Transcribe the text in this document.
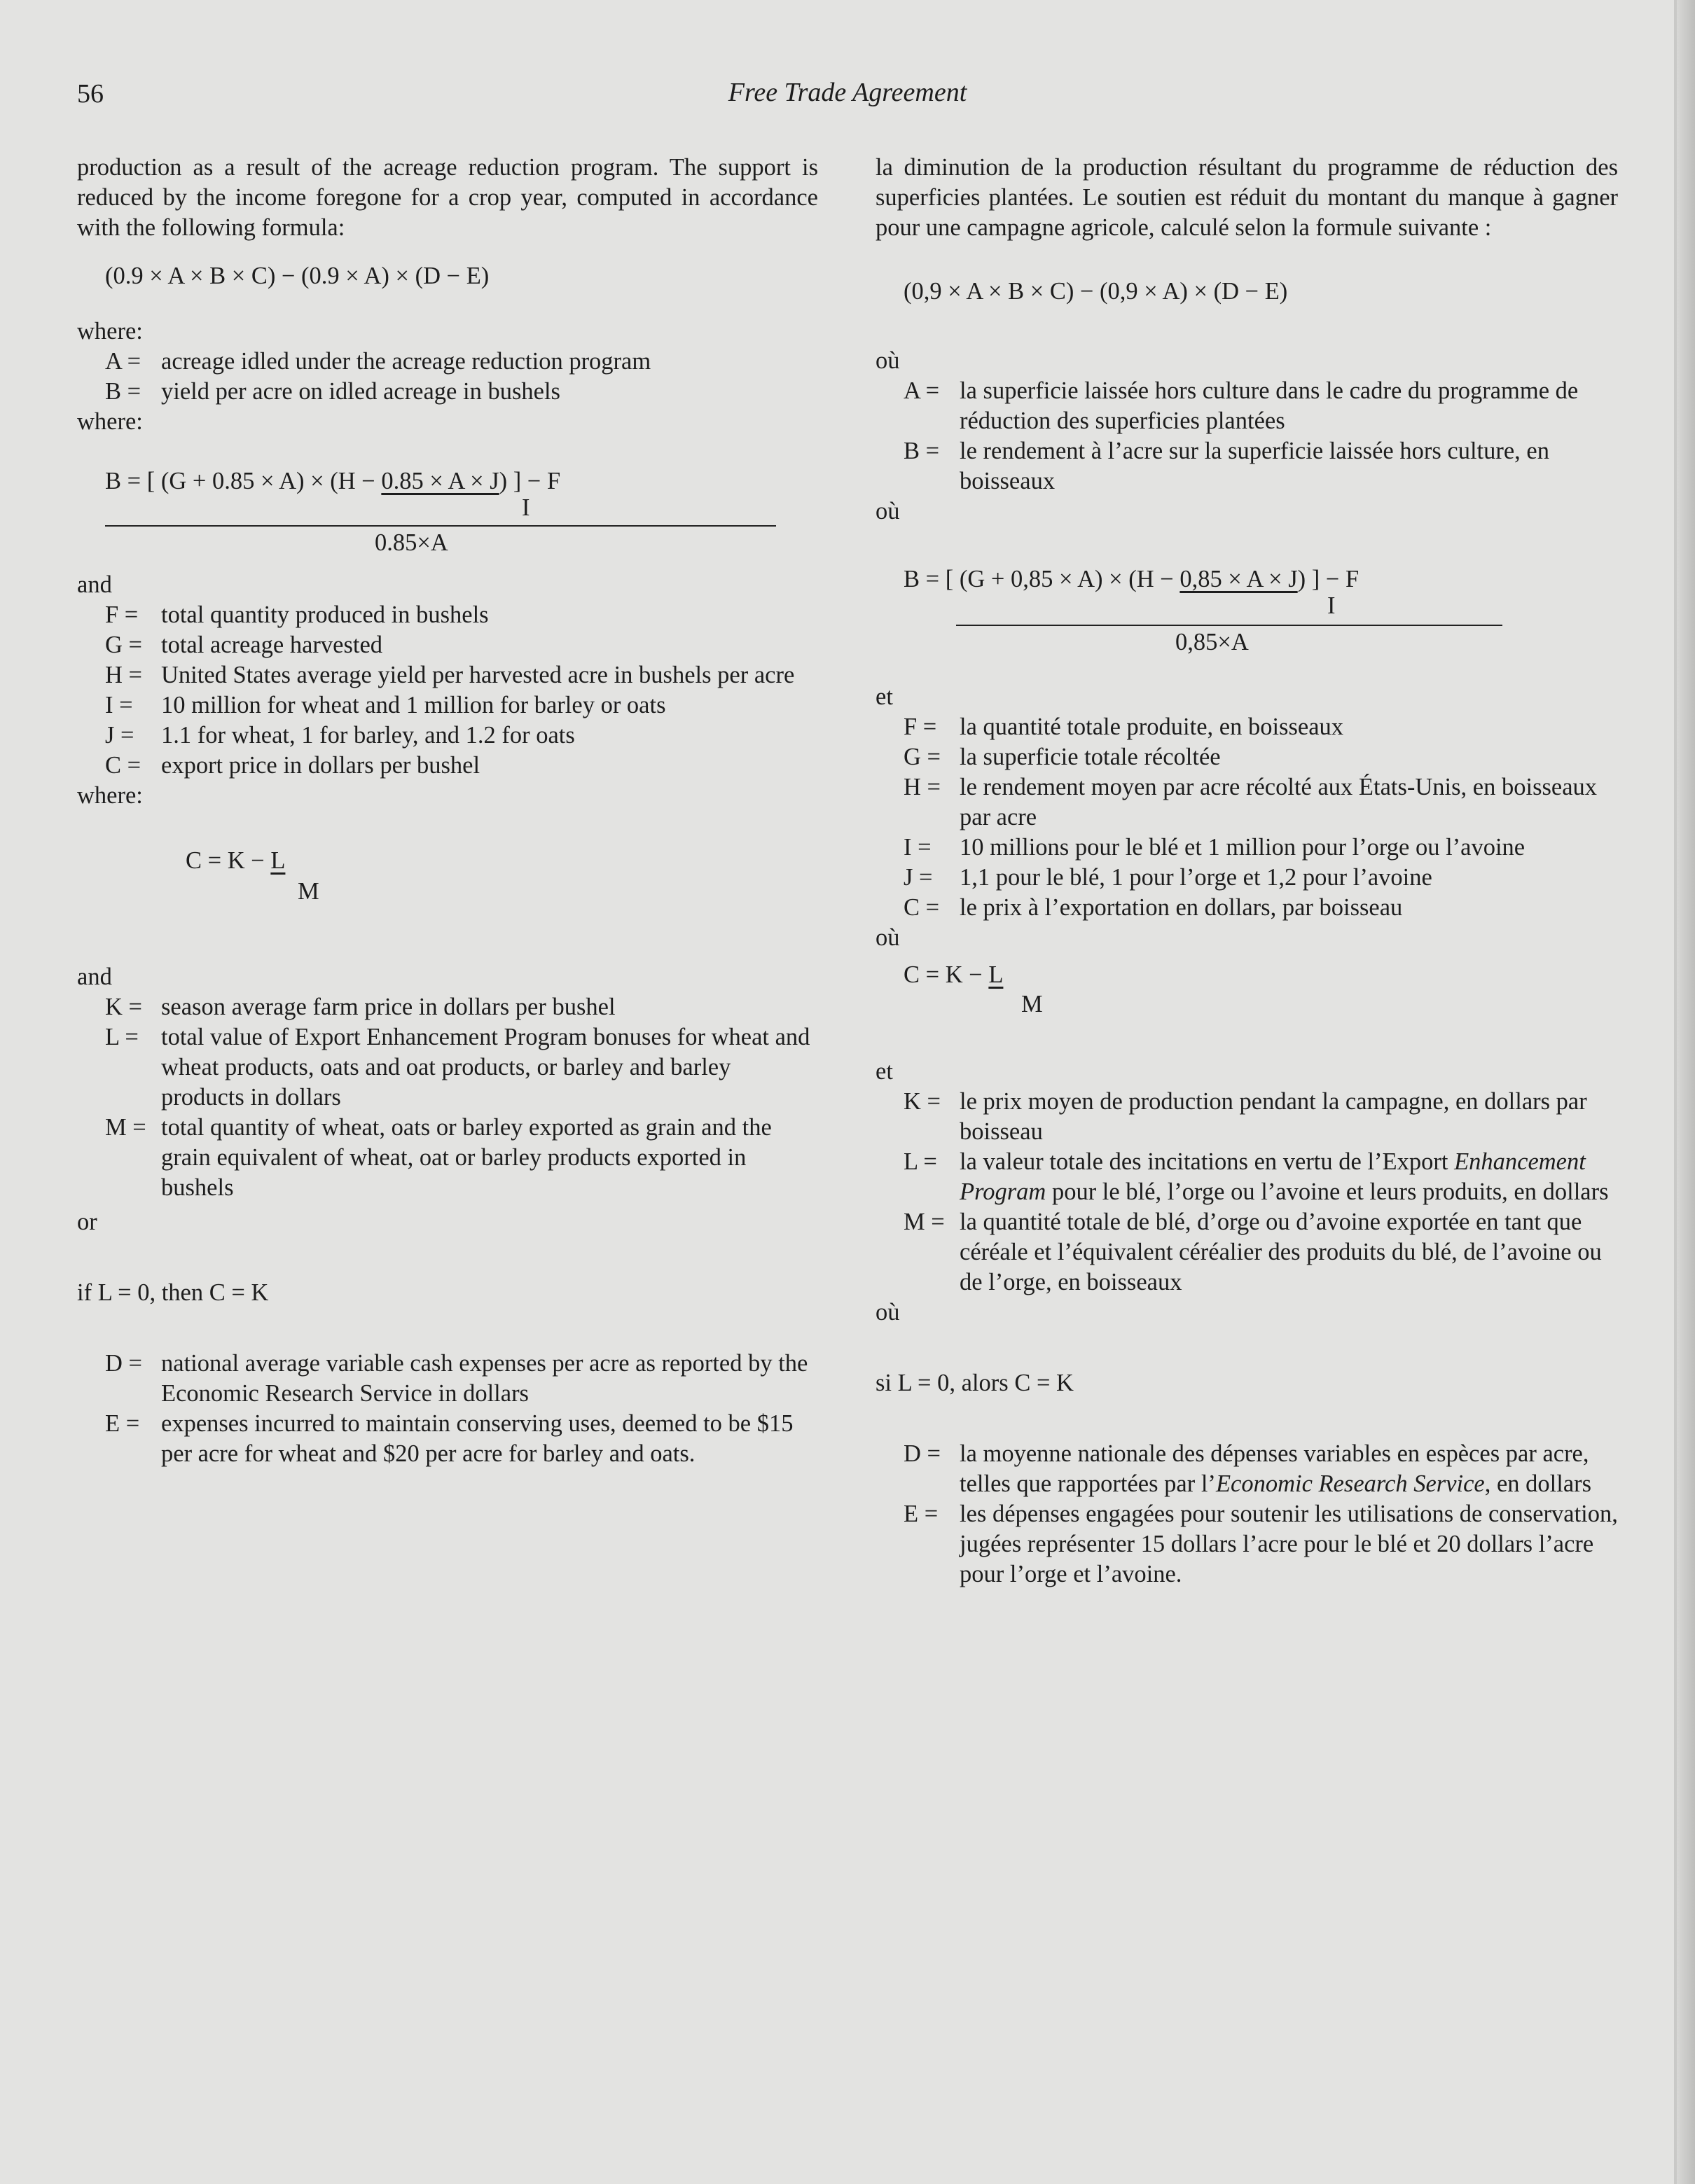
56	Free Trade Agreement

production as a result of the acreage reduction program. The support is reduced by the income foregone for a crop year, computed in accordance with the following formula:

(0.9 × A × B × C) − (0.9 × A) × (D − E)
where:
A = acreage idled under the acreage reduction program
B = yield per acre on idled acreage in bushels
where:
B = [ (G + 0.85 × A) × (H − 0.85 × A × J) ] − F
I
0.85×A
and
F = total quantity produced in bushels
G = total acreage harvested
H = United States average yield per harvested acre in bushels per acre
I = 10 million for wheat and 1 million for barley or oats
J = 1.1 for wheat, 1 for barley, and 1.2 for oats
C = export price in dollars per bushel
where:
C = K − L
M
and
K = season average farm price in dollars per bushel
L = total value of Export Enhancement Program bonuses for wheat and wheat products, oats and oat products, or barley and barley products in dollars
M = total quantity of wheat, oats or barley exported as grain and the grain equivalent of wheat, oat or barley products exported in bushels
or
if L = 0, then C = K
D = national average variable cash expenses per acre as reported by the Economic Research Service in dollars
E = expenses incurred to maintain conserving uses, deemed to be $15 per acre for wheat and $20 per acre for barley and oats.

la diminution de la production résultant du programme de réduction des superficies plantées. Le soutien est réduit du montant du manque à gagner pour une campagne agricole, calculé selon la formule suivante :

(0,9 × A × B × C) − (0,9 × A) × (D − E)
où
A = la superficie laissée hors culture dans le cadre du programme de réduction des superficies plantées
B = le rendement à l’acre sur la superficie laissée hors culture, en boisseaux
où
B = [ (G + 0,85 × A) × (H − 0,85 × A × J) ] − F
I
0,85×A
et
F = la quantité totale produite, en boisseaux
G = la superficie totale récoltée
H = le rendement moyen par acre récolté aux États-Unis, en boisseaux par acre
I = 10 millions pour le blé et 1 million pour l’orge ou l’avoine
J = 1,1 pour le blé, 1 pour l’orge et 1,2 pour l’avoine
C = le prix à l’exportation en dollars, par boisseau
où
C = K − L
M
et
K = le prix moyen de production pendant la campagne, en dollars par boisseau
L = la valeur totale des incitations en vertu de l’Export Enhancement Program pour le blé, l’orge ou l’avoine et leurs produits, en dollars
M = la quantité totale de blé, d’orge ou d’avoine exportée en tant que céréale et l’équivalent céréalier des produits du blé, de l’avoine ou de l’orge, en boisseaux
où
si L = 0, alors C = K
D = la moyenne nationale des dépenses variables en espèces par acre, telles que rapportées par l’Economic Research Service, en dollars
E = les dépenses engagées pour soutenir les utilisations de conservation, jugées représenter 15 dollars l’acre pour le blé et 20 dollars l’acre pour l’orge et l’avoine.
